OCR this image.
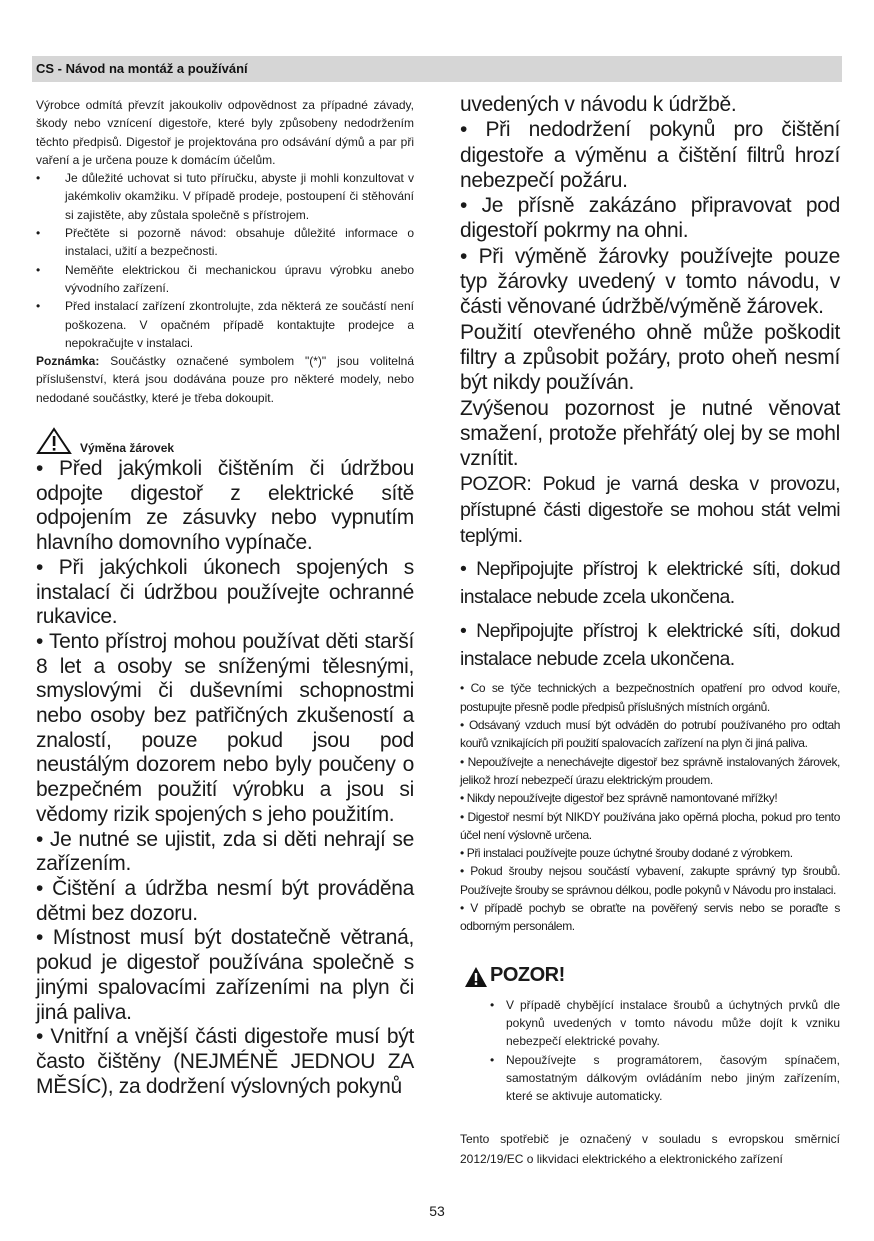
CS - Návod na montáž a používání

Výrobce odmítá převzít jakoukoliv odpovědnost za případné závady, škody nebo vznícení digestoře, které byly způsobeny nedodržením těchto předpisů. Digestoř je projektována pro odsávání dýmů a par při vaření a je určena pouze k domácím účelům.

• Je důležité uchovat si tuto příručku, abyste ji mohli konzultovat v jakémkoliv okamžiku. V případě prodeje, postoupení či stěhování si zajistěte, aby zůstala společně s přístrojem.
• Přečtěte si pozorně návod: obsahuje důležité informace o instalaci, užití a bezpečnosti.
• Neměňte elektrickou či mechanickou úpravu výrobku anebo vývodního zařízení.
• Před instalací zařízení zkontrolujte, zda některá ze součástí není poškozena. V opačném případě kontaktujte prodejce a nepokračujte v instalaci.

Poznámka: Součástky označené symbolem "(*)" jsou volitelná příslušenství, která jsou dodávána pouze pro některé modely, nebo nedodané součástky, které je třeba dokoupit.

Výměna žárovek

• Před jakýmkoli čištěním či údržbou odpojte digestoř z elektrické sítě odpojením ze zásuvky nebo vypnutím hlavního domovního vypínače.

• Při jakýchkoli úkonech spojených s instalací či údržbou používejte ochranné rukavice.

• Tento přístroj mohou používat děti starší 8 let a osoby se sníženými tělesnými, smyslovými či duševními schopnostmi nebo osoby bez patřičných zkušeností a znalostí, pouze pokud jsou pod neustálým dozorem nebo byly poučeny o bezpečném použití výrobku a jsou si vědomy rizik spojených s jeho použitím.

• Je nutné se ujistit, zda si děti nehrají se zařízením.

• Čištění a údržba nesmí být prováděna dětmi bez dozoru.

• Místnost musí být dostatečně větraná, pokud je digestoř používána společně s jinými spalovacími zařízeními na plyn či jiná paliva.

• Vnitřní a vnější části digestoře musí být často čištěny (NEJMÉNĚ JEDNOU ZA MĚSÍC), za dodržení výslovných pokynů

uvedených v návodu k údržbě.

• Při nedodržení pokynů pro čištění digestoře a výměnu a čištění filtrů hrozí nebezpečí požáru.

• Je přísně zakázáno připravovat pod digestoří pokrmy na ohni.

• Při výměně žárovky používejte pouze typ žárovky uvedený v tomto návodu, v části věnované údržbě/výměně žárovek.

Použití otevřeného ohně může poškodit filtry a způsobit požáry, proto oheň nesmí být nikdy používán.

Zvýšenou pozornost je nutné věnovat smažení, protože přehřátý olej by se mohl vznítit.

POZOR: Pokud je varná deska v provozu, přístupné části digestoře se mohou stát velmi teplými.

• Nepřipojujte přístroj k elektrické síti, dokud instalace nebude zcela ukončena.

• Nepřipojujte přístroj k elektrické síti, dokud instalace nebude zcela ukončena.

• Co se týče technických a bezpečnostních opatření pro odvod kouře, postupujte přesně podle předpisů příslušných místních orgánů.

• Odsávaný vzduch musí být odváděn do potrubí používaného pro odtah kouřů vznikajících při použití spalovacích zařízení na plyn či jiná paliva.

• Nepoužívejte a nenechávejte digestoř bez správně instalovaných žárovek, jelikož hrozí nebezpečí úrazu elektrickým proudem.

• Nikdy nepoužívejte digestoř bez správně namontované mřížky!

• Digestoř nesmí být NIKDY používána jako opěrná plocha, pokud pro tento účel není výslovně určena.

• Při instalaci používejte pouze úchytné šrouby dodané z výrobkem.

• Pokud šrouby nejsou součástí vybavení, zakupte správný typ šroubů. Používejte šrouby se správnou délkou, podle pokynů v Návodu pro instalaci.

• V případě pochyb se obraťte na pověřený servis nebo se poraďte s odborným personálem.

POZOR!
• V případě chybějící instalace šroubů a úchytných prvků dle pokynů uvedených v tomto návodu může dojít k vzniku nebezpečí elektrické povahy.
• Nepoužívejte s programátorem, časovým spínačem, samostatným dálkovým ovládáním nebo jiným zařízením, které se aktivuje automaticky.

Tento spotřebič je označený v souladu s evropskou směrnicí 2012/19/EC o likvidaci elektrického a elektronického zařízení

53
